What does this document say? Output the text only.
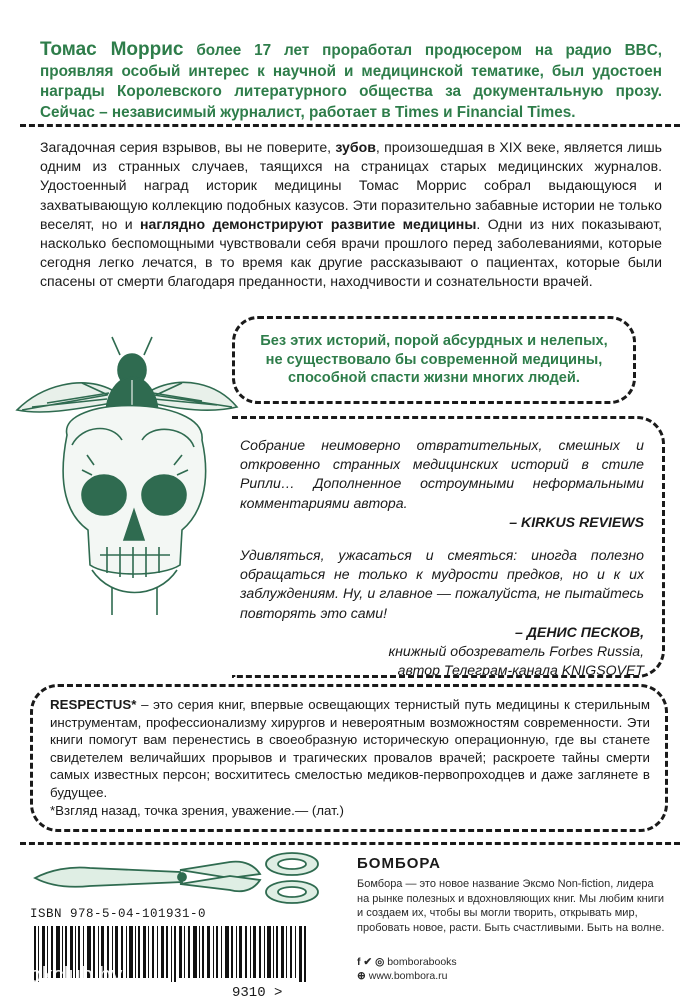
Томас Моррис более 17 лет проработал продюсером на радио BBC, проявляя особый интерес к научной и медицинской тематике, был удостоен награды Королевского литературного общества за документальную прозу. Сейчас – независимый журналист, работает в Times и Financial Times.
Загадочная серия взрывов, вы не поверите, зубов, произошедшая в XIX веке, является лишь одним из странных случаев, таящихся на страницах старых медицинских журналов. Удостоенный наград историк медицины Томас Моррис собрал выдающуюся и захватывающую коллекцию подобных казусов. Эти поразительно забавные истории не только веселят, но и наглядно демонстрируют развитие медицины. Одни из них показывают, насколько беспомощными чувствовали себя врачи прошлого перед заболеваниями, которые сегодня легко лечатся, в то время как другие рассказывают о пациентах, которые были спасены от смерти благодаря преданности, находчивости и сознательности врачей.
Без этих историй, порой абсурдных и нелепых,
не существовало бы современной медицины,
способной спасти жизни многих людей.
Собрание неимоверно отвратительных, смешных и откровенно странных медицинских историй в стиле Рипли… Дополненное остроумными неформальными комментариями автора.
– KIRKUS REVIEWS
Удивляться, ужасаться и смеяться: иногда полезно обращаться не только к мудрости предков, но и к их заблуждениям. Ну, и главное — пожалуйста, не пытайтесь повторять это сами!
– ДЕНИС ПЕСКОВ,
книжный обозреватель Forbes Russia,
автор Телеграм-канала KNIGSOVET
RESPECTUS* – это серия книг, впервые освещающих тернистый путь медицины к стерильным инструментам, профессионализму хирургов и невероятным возможностям современности. Эти книги помогут вам перенестись в своеобразную историческую операционную, где вы станете свидетелем величайших прорывов и трагических провалов врачей; раскроете тайны смерти самых известных персон; восхититесь смелостью медиков-первопроходцев и даже заглянете в будущее.
*Взгляд назад, точка зрения, уважение.— (лат.)
БОМБОРА
Бомбора — это новое название Эксмо Non-fiction, лидера на рынке полезных и вдохновляющих книг. Мы любим книги и создаем их, чтобы вы могли творить, открывать мир, пробовать новое, расти. Быть счастливыми. Быть на волне.
f ✔ ◎ bomborabooks
⊕ www.bombora.ru
ISBN 978-5-04-101931-0
9310 >
bookclub.by
